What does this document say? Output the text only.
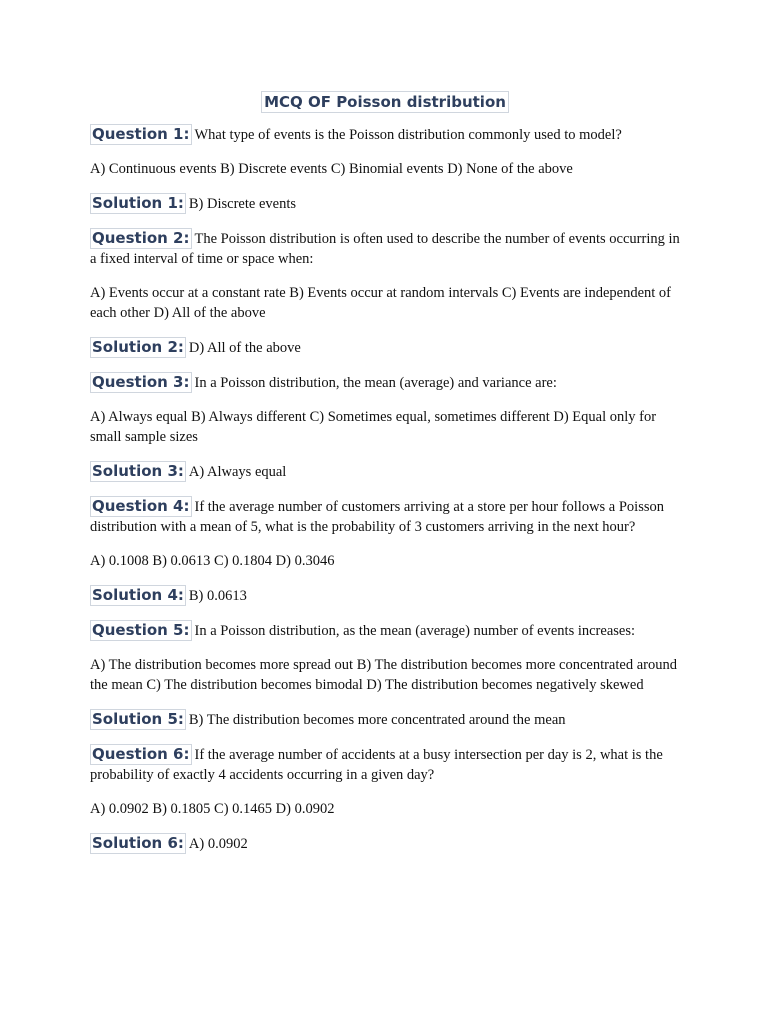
MCQ OF Poisson distribution
Question 1: What type of events is the Poisson distribution commonly used to model?
A) Continuous events B) Discrete events C) Binomial events D) None of the above
Solution 1: B) Discrete events
Question 2: The Poisson distribution is often used to describe the number of events occurring in a fixed interval of time or space when:
A) Events occur at a constant rate B) Events occur at random intervals C) Events are independent of each other D) All of the above
Solution 2: D) All of the above
Question 3: In a Poisson distribution, the mean (average) and variance are:
A) Always equal B) Always different C) Sometimes equal, sometimes different D) Equal only for small sample sizes
Solution 3: A) Always equal
Question 4: If the average number of customers arriving at a store per hour follows a Poisson distribution with a mean of 5, what is the probability of 3 customers arriving in the next hour?
A) 0.1008 B) 0.0613 C) 0.1804 D) 0.3046
Solution 4: B) 0.0613
Question 5: In a Poisson distribution, as the mean (average) number of events increases:
A) The distribution becomes more spread out B) The distribution becomes more concentrated around the mean C) The distribution becomes bimodal D) The distribution becomes negatively skewed
Solution 5: B) The distribution becomes more concentrated around the mean
Question 6: If the average number of accidents at a busy intersection per day is 2, what is the probability of exactly 4 accidents occurring in a given day?
A) 0.0902 B) 0.1805 C) 0.1465 D) 0.0902
Solution 6: A) 0.0902
